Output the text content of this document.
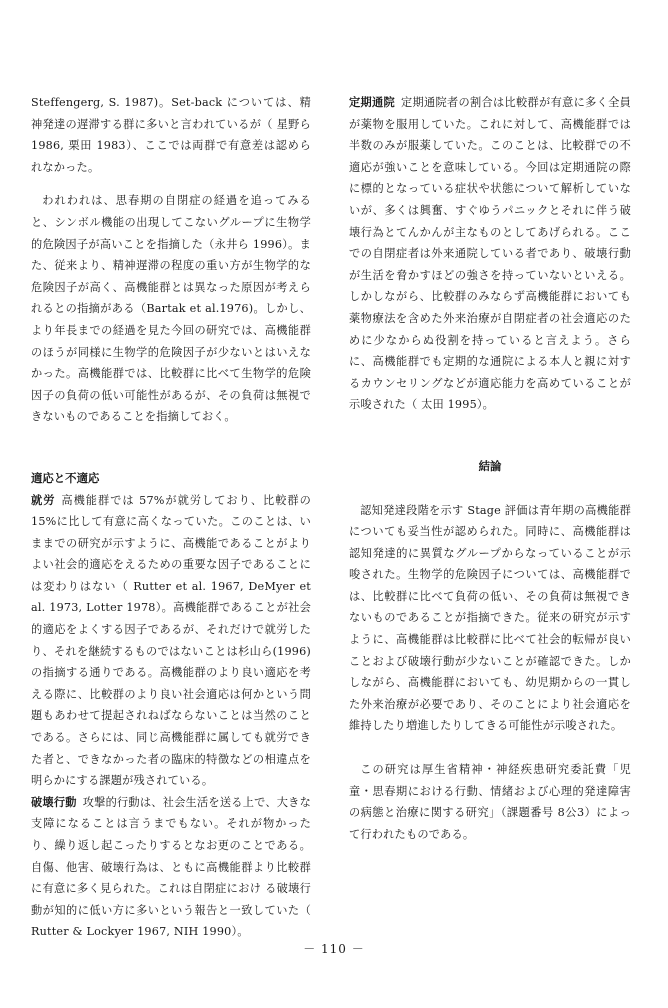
Steffengerg, S. 1987)。Set-back については、精神発達の遅滞する群に多いと言われているが（ 星野ら 1986, 栗田 1983）、ここでは両群で有意差は認められなかった。

われわれは、思春期の自閉症の経過を追ってみると、シンボル機能の出現してこないグループに生物学的危険因子が高いことを指摘した（永井ら 1996）。また、従来より、精神遅滞の程度の重い方が生物学的な危険因子が高く、高機能群とは異なった原因が考えられるとの指摘がある（Bartak et al.1976)。しかし、より年長までの経過を見た今回の研究では、高機能群のほうが同様に生物学的危険因子が少ないとはいえなかった。高機能群では、比較群に比べて生物学的危険因子の負荷の低い可能性があるが、その負荷は無視できないものであることを指摘しておく。

適応と不適応

就労 高機能群では 57%が就労しており、比較群の15%に比して有意に高くなっていた。このことは、いままでの研究が示すように、高機能であることがよりよい社会的適応をえるための重要な因子であることには変わりはない（ Rutter et al. 1967, DeMyer et al. 1973, Lotter 1978）。高機能群であることが社会的適応をよくする因子であるが、それだけで就労したり、それを継続するものではないことは杉山ら(1996)の指摘する通りである。高機能群のより良い適応を考える際に、比較群のより良い社会適応は何かという問題もあわせて提起されねばならないことは当然のことである。さらには、同じ高機能群に属しても就労できた者と、できなかった者の臨床的特徴などの相違点を明らかにする課題が残されている。

破壊行動 攻撃的行動は、社会生活を送る上で、大きな支障になることは言うまでもない。それが物かったり、繰り返し起こったりするとなお更のことである。自傷、他害、破壊行為は、ともに高機能群より比較群に有意に多く見られた。これは自閉症におけ る破壊行動が知的に低い方に多いという報告と一致していた（ Rutter & Lockyer 1967, NIH 1990）。

定期通院 定期通院者の割合は比較群が有意に多く全員が薬物を服用していた。これに対して、高機能群では半数のみが服薬していた。このことは、比較群での不適応が強いことを意味している。今回は定期通院の際に標的となっている症状や状態について解析していないが、多くは興奮、すぐゆうパニックとそれに伴う破壊行為とてんかんが主なものとしてあげられる。ここでの自閉症者は外来通院している者であり、破壊行動が生活を脅かすほどの強さを持っていないといえる。しかしながら、比較群のみならず高機能群においても薬物療法を含めた外来治療が自閉症者の社会適応のために少なからぬ役割を持っていると言えよう。さらに、高機能群でも定期的な通院による本人と親に対するカウンセリングなどが適応能力を高めていることが示唆された（ 太田 1995）。

結論

認知発達段階を示す Stage 評価は青年期の高機能群についても妥当性が認められた。同時に、高機能群は認知発達的に異質なグループからなっていることが示唆された。生物学的危険因子については、高機能群では、比較群に比べて負荷の低い、その負荷は無視できないものであることが指摘できた。従来の研究が示すように、高機能群は比較群に比べて社会的転帰が良いことおよび破壊行動が少ないことが確認できた。しかしながら、高機能群においても、幼児期からの一貫した外来治療が必要であり、そのことにより社会適応を維持したり増進したりしてきる可能性が示唆された。

この研究は厚生省精神・神経疾患研究委託費「児童・思春期における行動、情緒および心理的発達障害の病態と治療に関する研究」（課題番号 8公3）によって行われたものである。

－ 110 －
